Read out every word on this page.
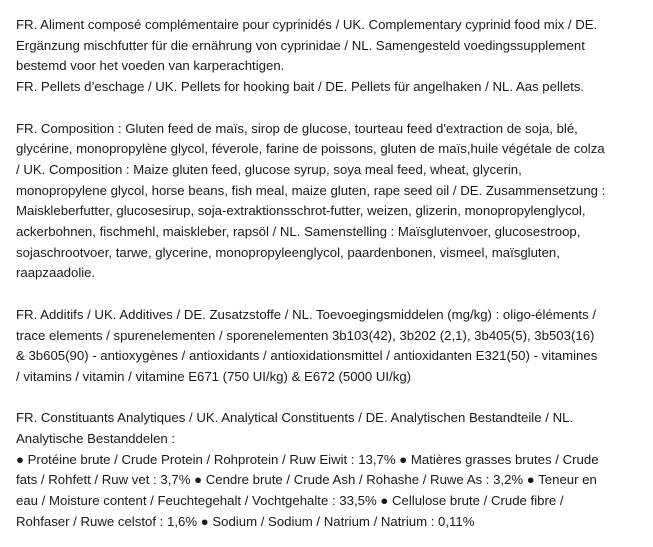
FR. Aliment composé complémentaire pour cyprinidés / UK. Complementary cyprinid food mix / DE.
Ergänzung mischfutter für die ernährung von cyprinidae / NL. Samengesteld voedingssupplement
bestemd voor het voeden van karperachtigen.
FR. Pellets d’eschage / UK. Pellets for hooking bait / DE. Pellets für angelhaken / NL. Aas pellets.

FR. Composition : Gluten feed de maïs, sirop de glucose, tourteau feed d'extraction de soja, blé,
glycérine, monopropylène glycol, féverole, farine de poissons, gluten de maïs,huile végétale de colza
/ UK. Composition : Maize gluten feed, glucose syrup, soya meal feed, wheat, glycerin,
monopropylene glycol, horse beans, fish meal, maize gluten, rape seed oil / DE. Zusammensetzung :
Maiskleberfutter, glucosesirup, soja-extraktionsschrot-futter, weizen, glizerin, monopropylenglycol,
ackerbohnen, fischmehl, maiskleber, rapsöl / NL. Samenstelling : Maïsglutenvoer, glucosestroop,
sojaschrootvoer, tarwe, glycerine, monopropyleenglycol, paardenbonen, vismeel, maïsgluten,
raapzaadolie.

FR. Additifs / UK. Additives / DE. Zusatzstoffe / NL. Toevoegingsmiddelen (mg/kg) : oligo-éléments /
trace elements / spurenelementen / sporenelementen 3b103(42), 3b202 (2,1), 3b405(5), 3b503(16)
& 3b605(90) - antioxygènes / antioxidants / antioxidationsmittel / antioxidanten E321(50) - vitamines
/ vitamins / vitamin / vitamine E671 (750 UI/kg) & E672 (5000 UI/kg)

FR. Constituants Analytiques / UK. Analytical Constituents / DE. Analytischen Bestandteile / NL.
Analytische Bestanddelen :
● Protéine brute / Crude Protein / Rohprotein / Ruw Eiwit : 13,7% ● Matières grasses brutes / Crude
fats / Rohfett / Ruw vet : 3,7% ● Cendre brute / Crude Ash / Rohashe / Ruwe As : 3,2% ● Teneur en
eau / Moisture content / Feuchtegehalt / Vochtgehalte : 33,5% ● Cellulose brute / Crude fibre /
Rohfaser / Ruwe celstof : 1,6% ● Sodium / Sodium / Natrium / Natrium : 0,11%
